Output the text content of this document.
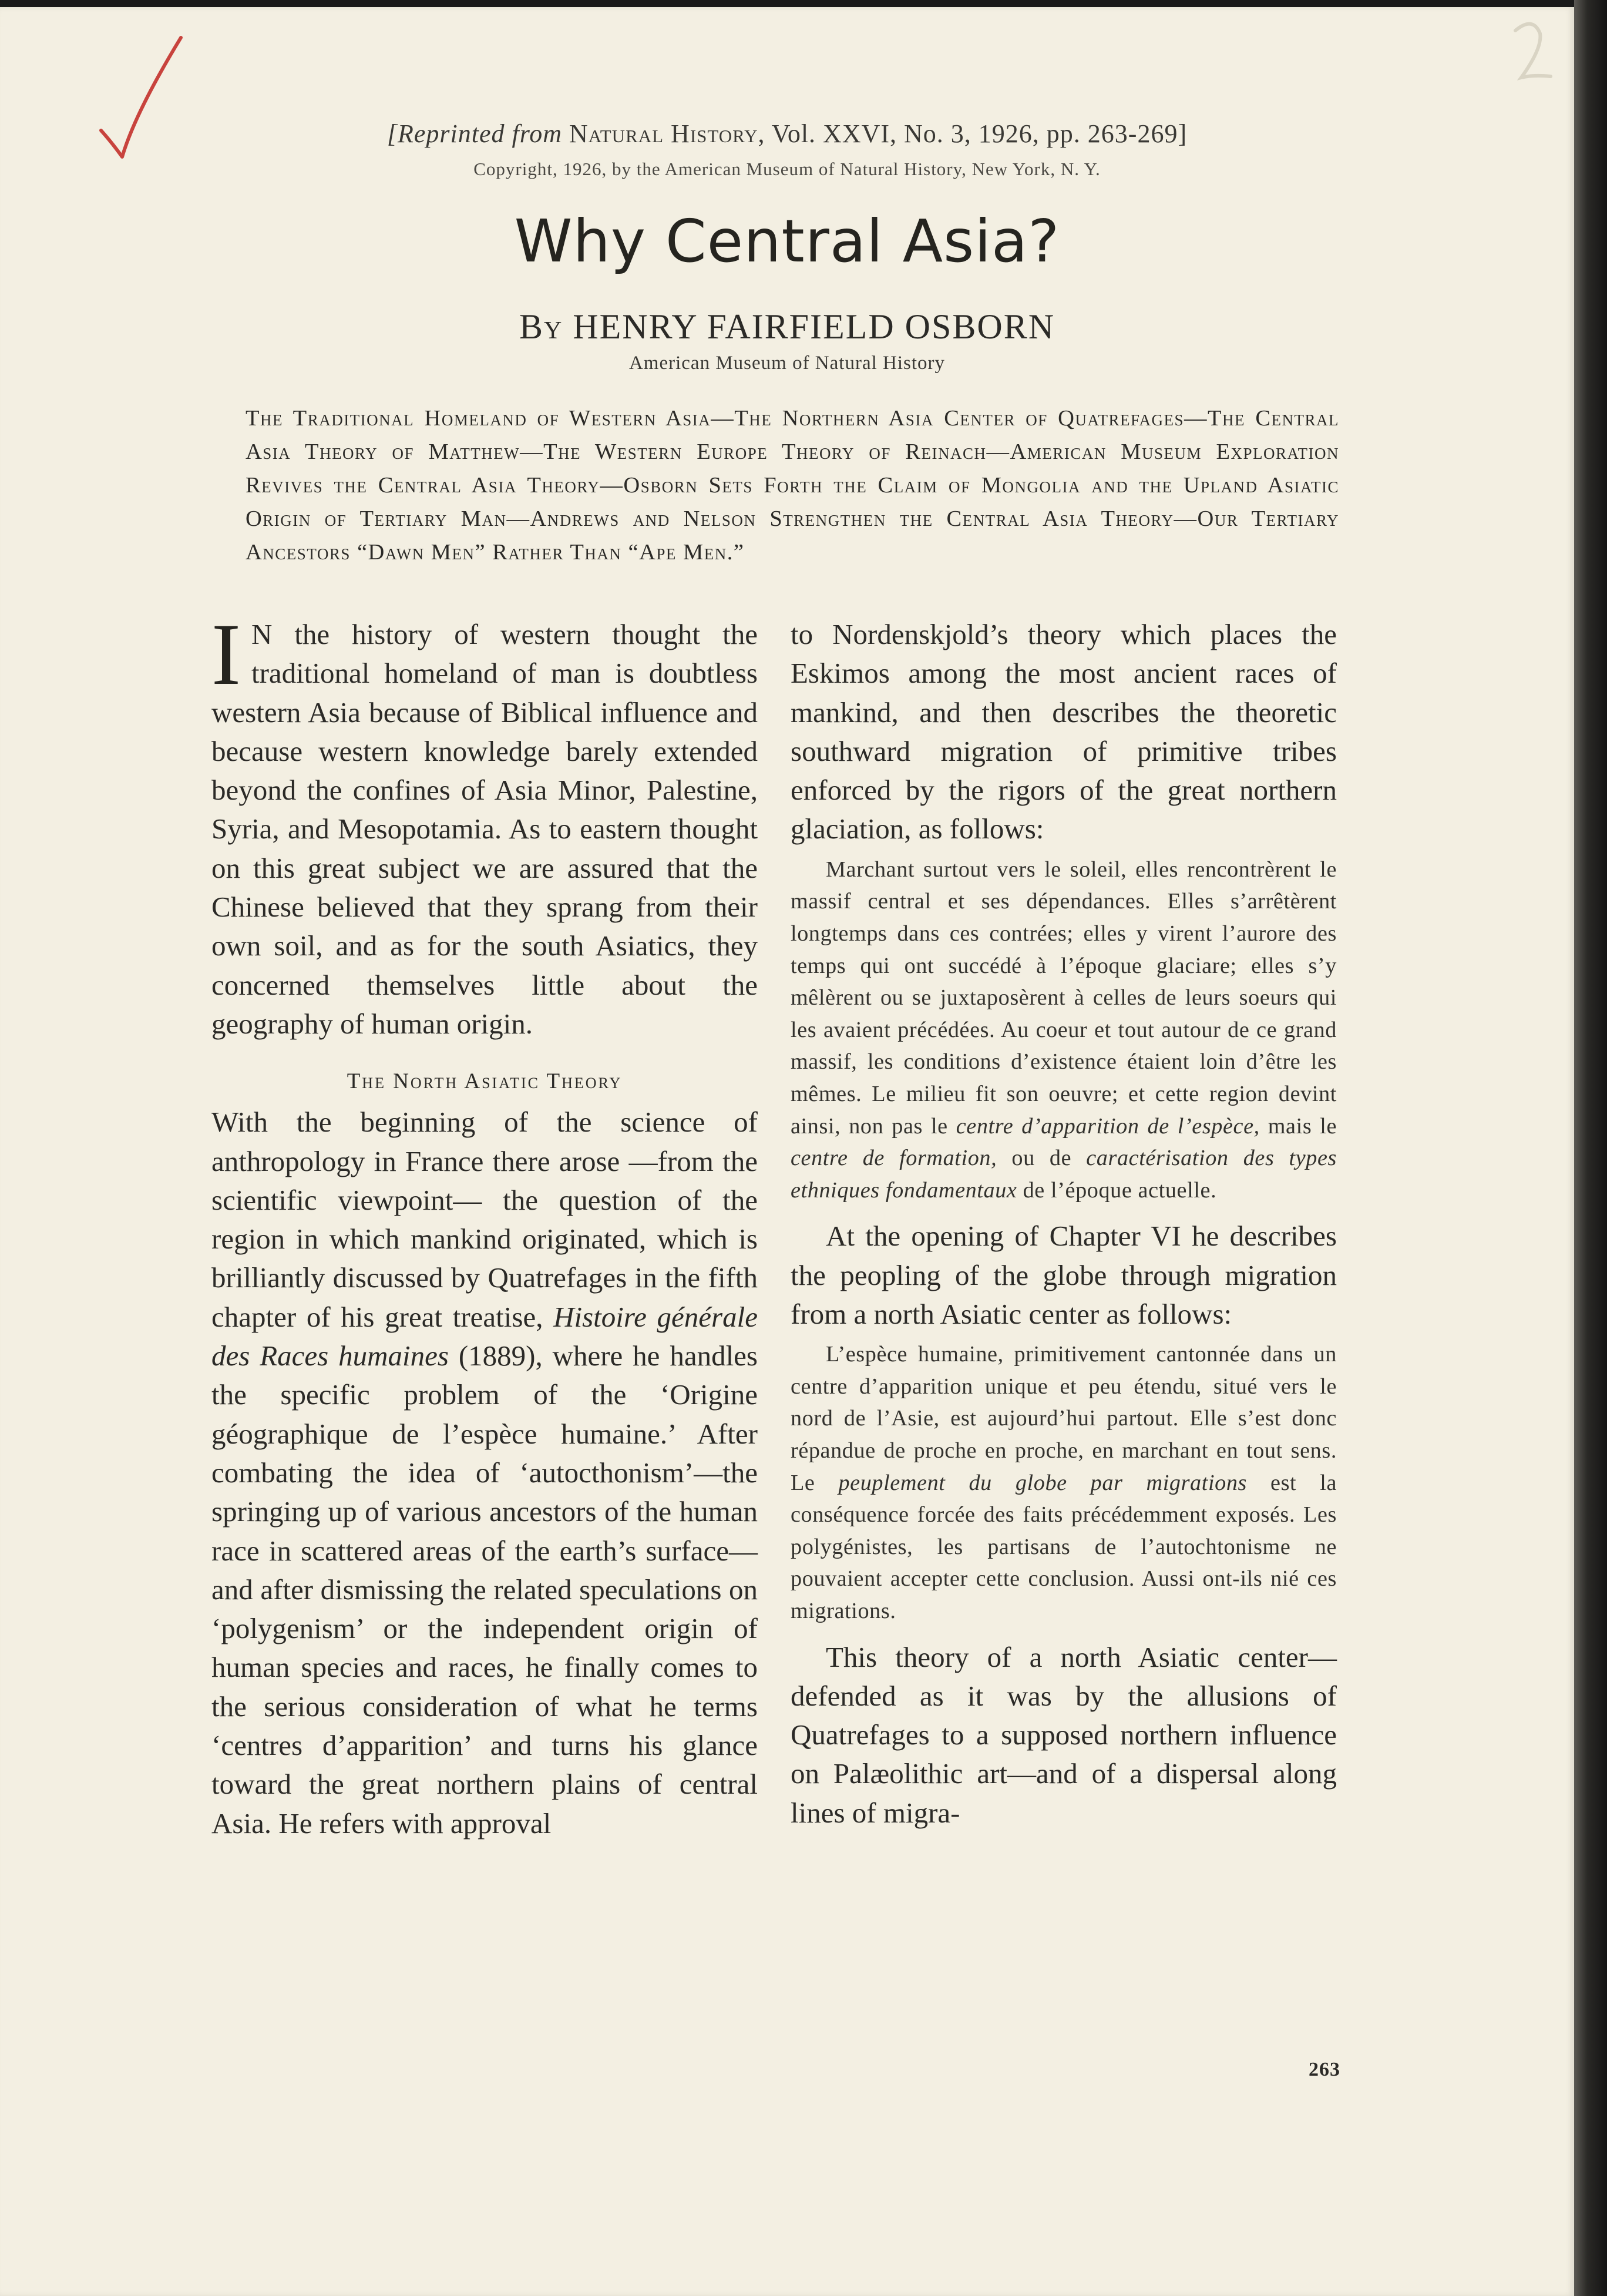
[Reprinted from Natural History, Vol. XXVI, No. 3, 1926, pp. 263-269]
Copyright, 1926, by the American Museum of Natural History, New York, N. Y.
Why Central Asia?
By HENRY FAIRFIELD OSBORN
American Museum of Natural History
The Traditional Homeland of Western Asia—The Northern Asia Center of Quatrefages—The Central Asia Theory of Matthew—The Western Europe Theory of Reinach—American Museum Exploration Revives the Central Asia Theory—Osborn Sets Forth the Claim of Mongolia and the Upland Asiatic Origin of Tertiary Man—Andrews and Nelson Strengthen the Central Asia Theory—Our Tertiary Ancestors “Dawn Men” Rather Than “Ape Men.”

I N the history of western thought the traditional homeland of man is doubtless western Asia because of Biblical influence and because western knowledge barely extended beyond the confines of Asia Minor, Palestine, Syria, and Mesopotamia. As to eastern thought on this great subject we are assured that the Chinese believed that they sprang from their own soil, and as for the south Asiatics, they concerned themselves little about the geography of human origin.

The North Asiatic Theory

With the beginning of the science of anthropology in France there arose —from the scientific viewpoint— the question of the region in which mankind originated, which is brilliantly discussed by Quatrefages in the fifth chapter of his great treatise, Histoire générale des Races humaines (1889), where he handles the specific problem of the ‘Origine géographique de l’espèce humaine.’ After combating the idea of ‘autocthonism’—the springing up of various ancestors of the human race in scattered areas of the earth’s surface—and after dismissing the related speculations on ‘polygenism’ or the independent origin of human species and races, he finally comes to the serious consideration of what he terms ‘centres d’apparition’ and turns his glance toward the great northern plains of central Asia. He refers with approval

to Nordenskjold’s theory which places the Eskimos among the most ancient races of mankind, and then describes the theoretic southward migration of primitive tribes enforced by the rigors of the great northern glaciation, as follows:

Marchant surtout vers le soleil, elles rencontrèrent le massif central et ses dépendances. Elles s’arrêtèrent longtemps dans ces contrées; elles y virent l’aurore des temps qui ont succédé à l’époque glaciare; elles s’y mêlèrent ou se juxtaposèrent à celles de leurs soeurs qui les avaient précédées. Au coeur et tout autour de ce grand massif, les conditions d’existence étaient loin d’être les mêmes. Le milieu fit son oeuvre; et cette region devint ainsi, non pas le centre d’apparition de l’espèce, mais le centre de formation, ou de caractérisation des types ethniques fondamentaux de l’époque actuelle.

At the opening of Chapter VI he describes the peopling of the globe through migration from a north Asiatic center as follows:

L’espèce humaine, primitivement cantonnée dans un centre d’apparition unique et peu étendu, situé vers le nord de l’Asie, est aujourd’hui partout. Elle s’est donc répandue de proche en proche, en marchant en tout sens. Le peuplement du globe par migrations est la conséquence forcée des faits précédemment exposés. Les polygénistes, les partisans de l’autochtonisme ne pouvaient accepter cette conclusion. Aussi ont-ils nié ces migrations.

This theory of a north Asiatic center—defended as it was by the allusions of Quatrefages to a supposed northern influence on Palæolithic art—and of a dispersal along lines of migra-

263
